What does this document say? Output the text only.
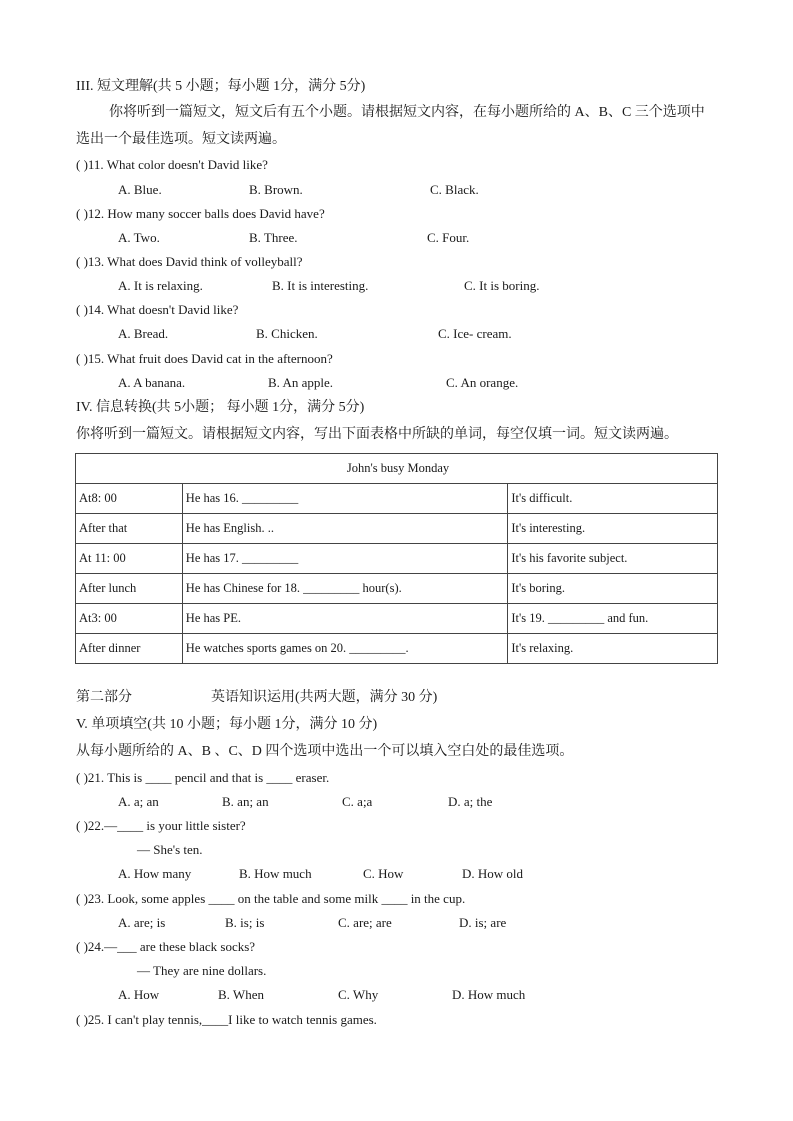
III. 短文理解(共 5 小题；每小题 1分，满分 5分)
你将听到一篇短文，短文后有五个小题。请根据短文内容，在每小题所给的 A、B、C 三个选项中
选出一个最佳选项。短文读两遍。
( )11. What color doesn't David like?
A. Blue.	B. Brown.	C. Black.
( )12. How many soccer balls does David have?
A. Two.	B. Three.	C. Four.
( )13. What does David think of volleyball?
A. It is relaxing.	B. It is interesting.	C. It is boring.
( )14. What doesn't David like?
A. Bread.	B. Chicken.	C. Ice- cream.
( )15. What fruit does David cat in the afternoon?
A. A banana.	B. An apple.	C. An orange.
IV. 信息转换(共 5小题； 每小题 1分，满分 5分)
你将听到一篇短文。请根据短文内容，写出下面表格中所缺的单词，每空仅填一词。短文读两遍。
John's busy Monday		
At8: 00	He has 16. _________	It's difficult.
After that	He has English. ..	It's interesting.
At 11: 00	He has 17. _________	It's his favorite subject.
After lunch	He has Chinese for 18. _________ hour(s).	It's boring.
At3: 00	He has PE.	It's 19. _________ and fun.
After dinner	He watches sports games on 20. _________.	It's relaxing.
第二部分	英语知识运用(共两大题，满分 30 分)
V. 单项填空(共 10 小题；每小题 1分，满分 10 分)
从每小题所给的 A、B 、C、D 四个选项中选出一个可以填入空白处的最佳选项。
( )21. This is ____ pencil and that is ____ eraser.
A. a; an	B. an; an	C. a;a	D. a; the
( )22.—____ is your little sister?
— She's ten.
A. How many	B. How much	C. How	D. How old
( )23. Look, some apples ____ on the table and some milk ____ in the cup.
A. are; is	B. is; is	C. are; are	D. is; are
( )24.—___ are these black socks?
— They are nine dollars.
A. How	B. When	C. Why	D. How much
( )25. I can't play tennis,____I like to watch tennis games.
